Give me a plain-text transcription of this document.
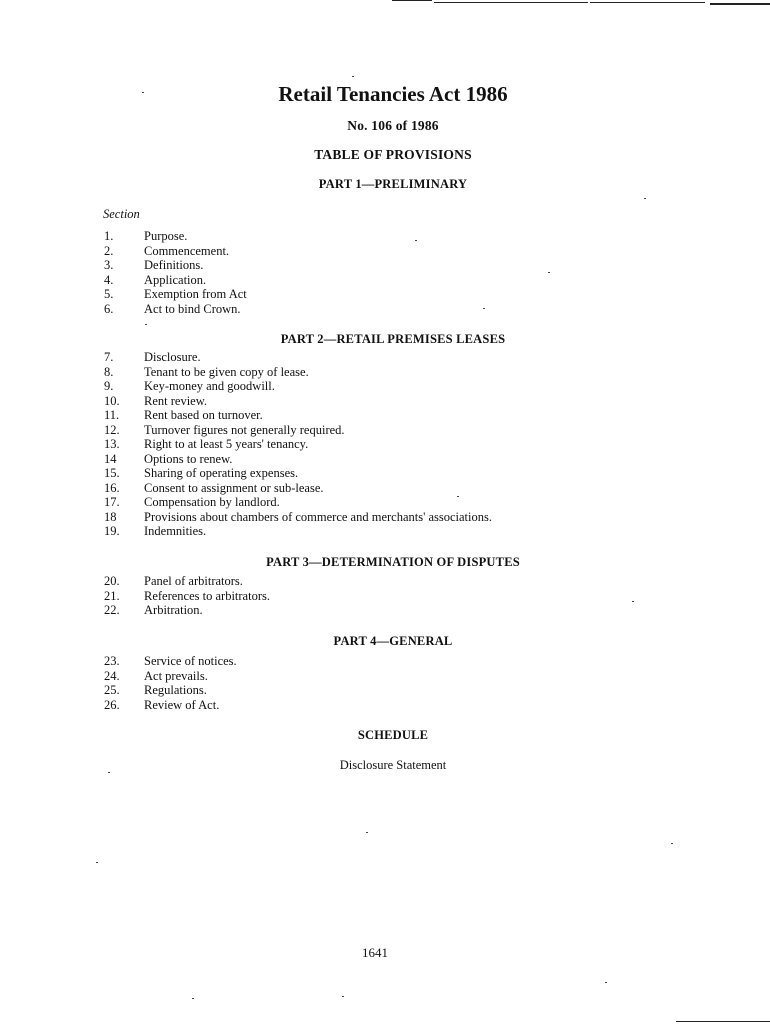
Retail Tenancies Act 1986
No. 106 of 1986
TABLE OF PROVISIONS
PART 1—PRELIMINARY
Section
1. Purpose.
2. Commencement.
3. Definitions.
4. Application.
5. Exemption from Act
6. Act to bind Crown.
PART 2—RETAIL PREMISES LEASES
7. Disclosure.
8. Tenant to be given copy of lease.
9. Key-money and goodwill.
10. Rent review.
11. Rent based on turnover.
12. Turnover figures not generally required.
13. Right to at least 5 years' tenancy.
14 Options to renew.
15. Sharing of operating expenses.
16. Consent to assignment or sub-lease.
17. Compensation by landlord.
18 Provisions about chambers of commerce and merchants' associations.
19. Indemnities.
PART 3—DETERMINATION OF DISPUTES
20. Panel of arbitrators.
21. References to arbitrators.
22. Arbitration.
PART 4—GENERAL
23. Service of notices.
24. Act prevails.
25. Regulations.
26. Review of Act.
SCHEDULE
Disclosure Statement
1641
